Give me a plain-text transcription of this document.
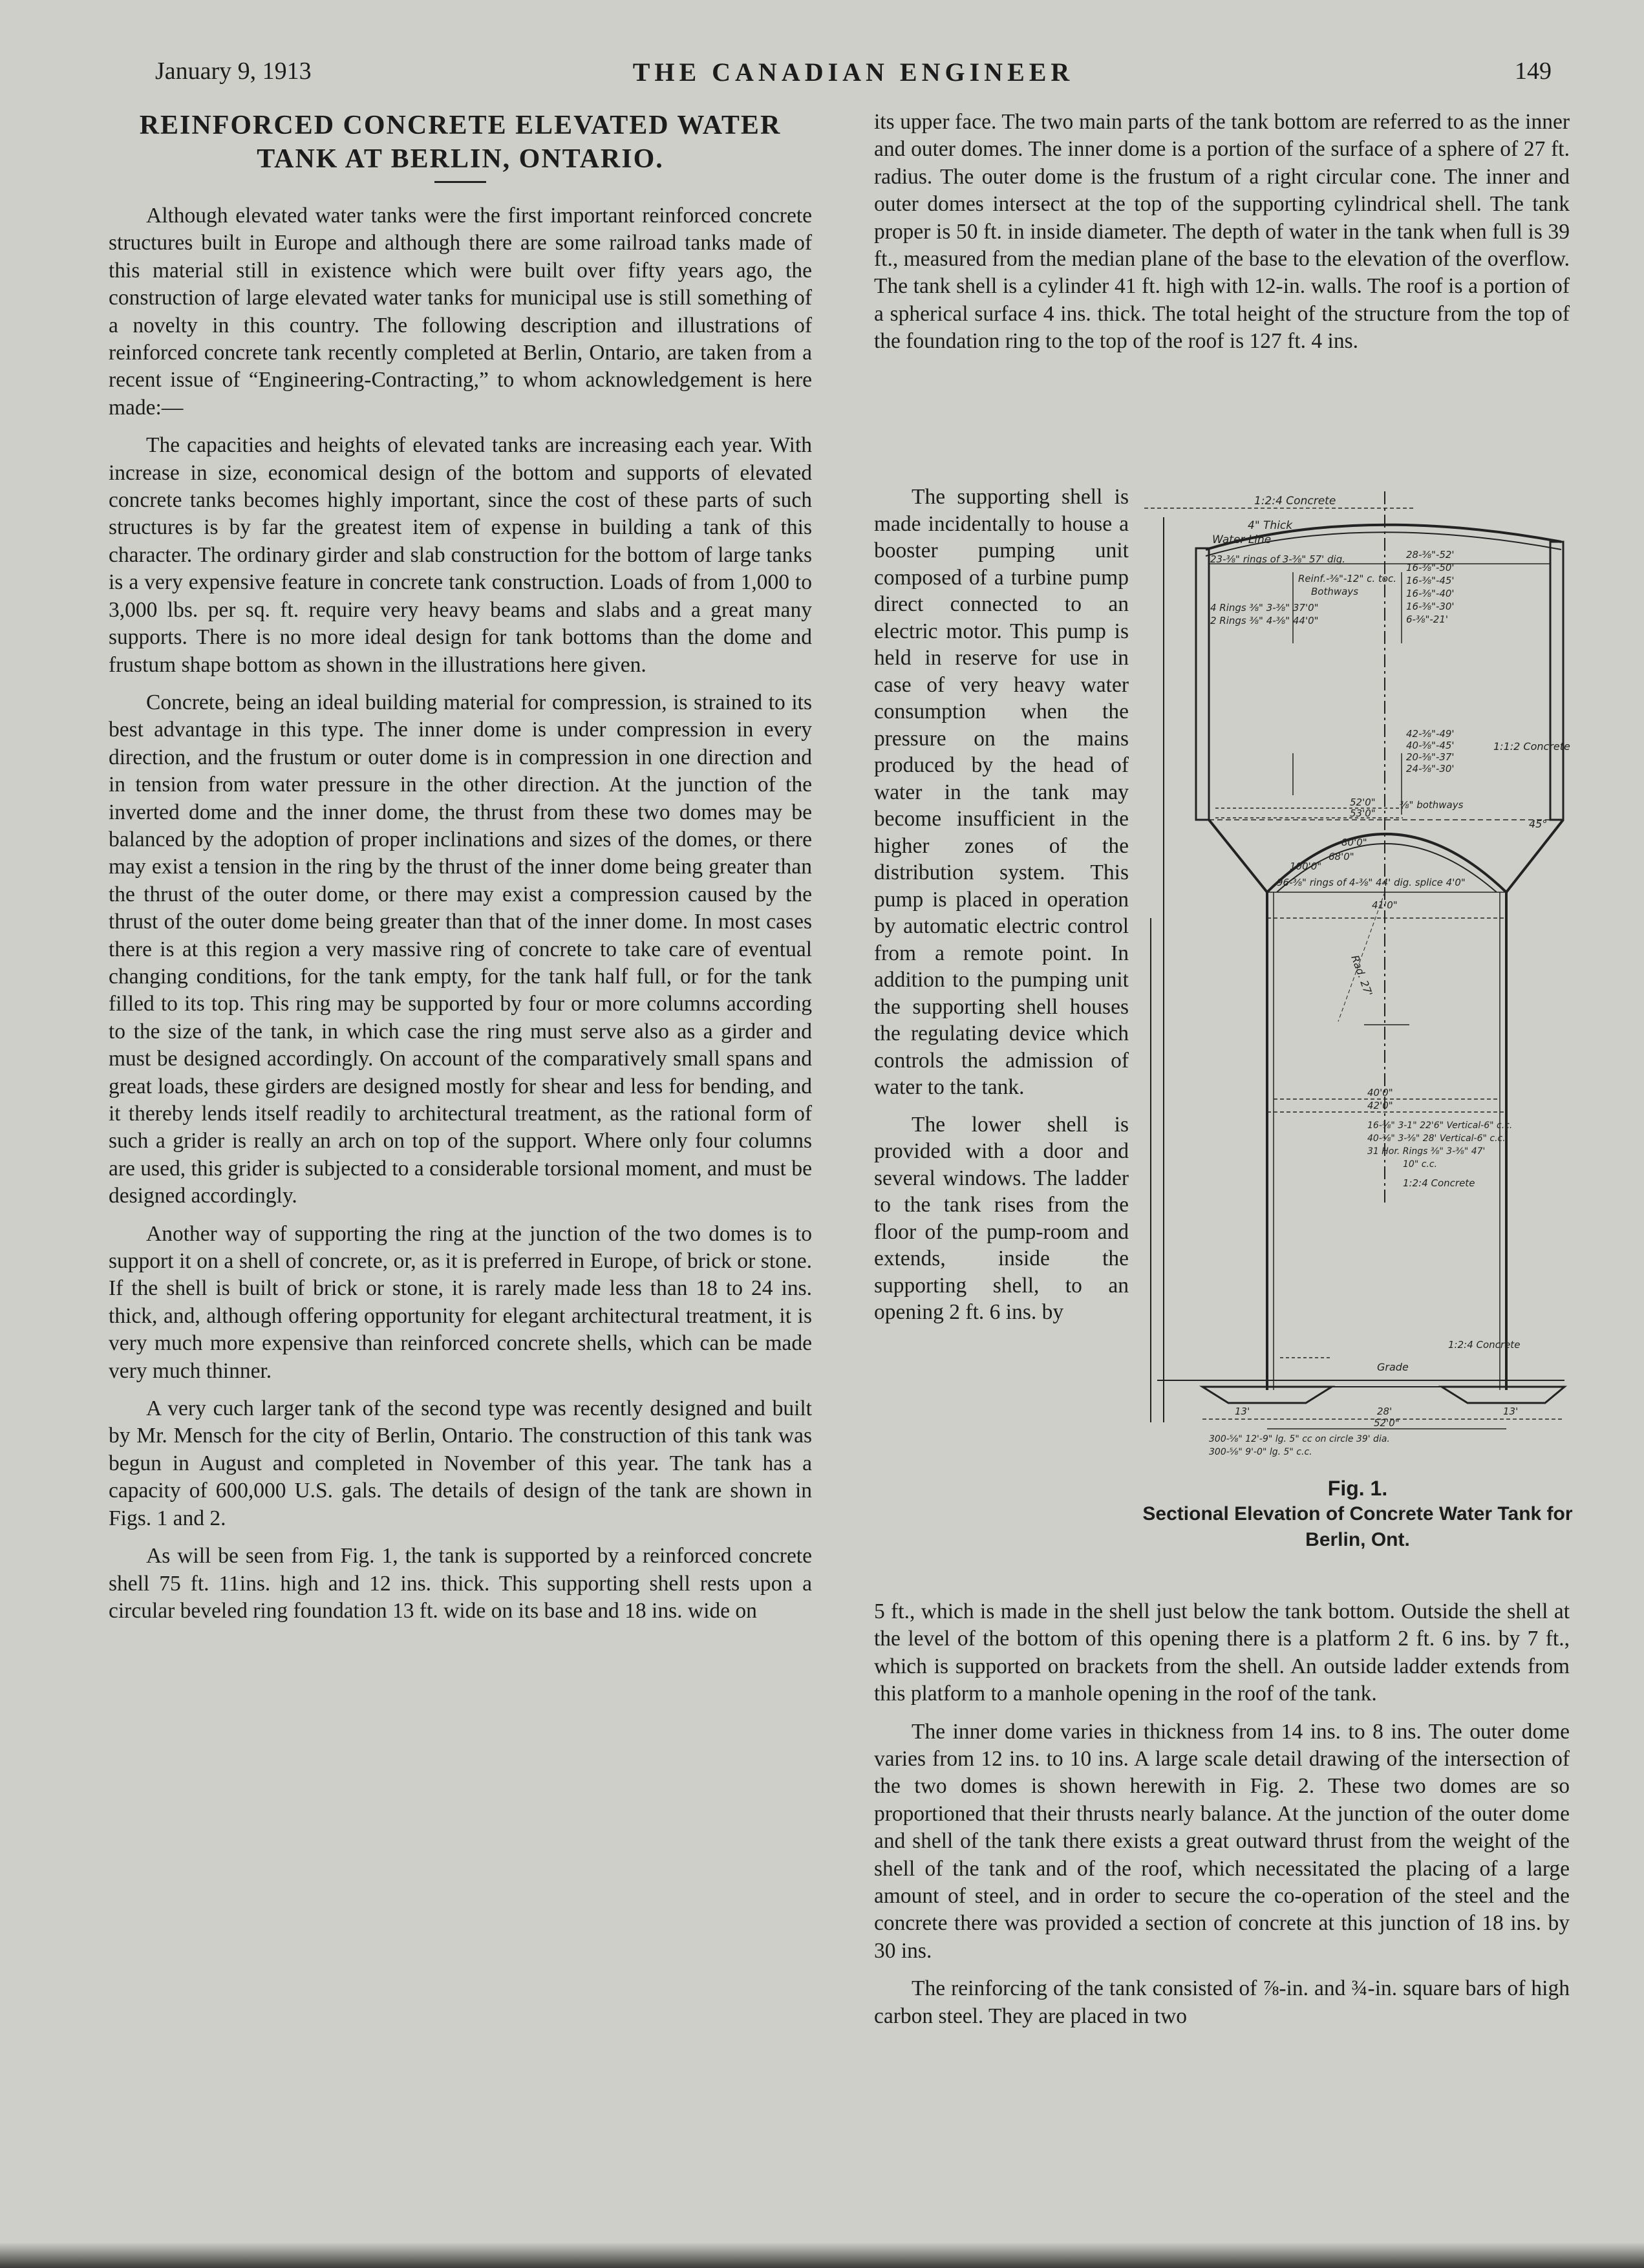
January 9, 1913	THE CANADIAN ENGINEER	149
REINFORCED CONCRETE ELEVATED WATER TANK AT BERLIN, ONTARIO.

Although elevated water tanks were the first important reinforced concrete structures built in Europe and although there are some railroad tanks made of this material still in existence which were built over fifty years ago, the construction of large elevated water tanks for municipal use is still something of a novelty in this country. The following description and illustrations of reinforced concrete tank recently completed at Berlin, Ontario, are taken from a recent issue of “Engineering-Contracting,” to whom acknowledgement is here made:—

The capacities and heights of elevated tanks are increasing each year. With increase in size, economical design of the bottom and supports of elevated concrete tanks becomes highly important, since the cost of these parts of such structures is by far the greatest item of expense in building a tank of this character. The ordinary girder and slab construction for the bottom of large tanks is a very expensive feature in concrete tank construction. Loads of from 1,000 to 3,000 lbs. per sq. ft. require very heavy beams and slabs and a great many supports. There is no more ideal design for tank bottoms than the dome and frustum shape bottom as shown in the illustrations here given.

Concrete, being an ideal building material for compression, is strained to its best advantage in this type. The inner dome is under compression in every direction, and the frustum or outer dome is in compression in one direction and in tension from water pressure in the other direction. At the junction of the inverted dome and the inner dome, the thrust from these two domes may be balanced by the adoption of proper inclinations and sizes of the domes, or there may exist a tension in the ring by the thrust of the inner dome being greater than the thrust of the outer dome, or there may exist a compression caused by the thrust of the outer dome being greater than that of the inner dome. In most cases there is at this region a very massive ring of concrete to take care of eventual changing conditions, for the tank empty, for the tank half full, or for the tank filled to its top. This ring may be supported by four or more columns according to the size of the tank, in which case the ring must serve also as a girder and must be designed accordingly. On account of the comparatively small spans and great loads, these girders are designed mostly for shear and less for bending, and it thereby lends itself readily to architectural treatment, as the rational form of such a grider is really an arch on top of the support. Where only four columns are used, this grider is subjected to a considerable torsional moment, and must be designed accordingly.

Another way of supporting the ring at the junction of the two domes is to support it on a shell of concrete, or, as it is preferred in Europe, of brick or stone. If the shell is built of brick or stone, it is rarely made less than 18 to 24 ins. thick, and, although offering opportunity for elegant architectural treatment, it is very much more expensive than reinforced concrete shells, which can be made very much thinner.

A very cuch larger tank of the second type was recently designed and built by Mr. Mensch for the city of Berlin, Ontario. The construction of this tank was begun in August and completed in November of this year. The tank has a capacity of 600,000 U.S. gals. The details of design of the tank are shown in Figs. 1 and 2.

As will be seen from Fig. 1, the tank is supported by a reinforced concrete shell 75 ft. 11ins. high and 12 ins. thick. This supporting shell rests upon a circular beveled ring foundation 13 ft. wide on its base and 18 ins. wide on

its upper face. The two main parts of the tank bottom are referred to as the inner and outer domes. The inner dome is a portion of the surface of a sphere of 27 ft. radius. The outer dome is the frustum of a right circular cone. The inner and outer domes intersect at the top of the supporting cylindrical shell. The tank proper is 50 ft. in inside diameter. The depth of water in the tank when full is 39 ft., measured from the median plane of the base to the elevation of the overflow. The tank shell is a cylinder 41 ft. high with 12-in. walls. The roof is a portion of a spherical surface 4 ins. thick. The total height of the structure from the top of the foundation ring to the top of the roof is 127 ft. 4 ins.

The supporting shell is made incidentally to house a booster pumping unit composed of a turbine pump direct connected to an electric motor. This pump is held in reserve for use in case of very heavy water consumption when the pressure on the mains produced by the head of water in the tank may become insufficient in the higher zones of the distribution system. This pump is placed in operation by automatic electric control from a remote point. In addition to the pumping unit the supporting shell houses the regulating device which controls the admission of water to the tank.

The lower shell is provided with a door and several windows. The ladder to the tank rises from the floor of the pump-room and extends, inside the supporting shell, to an opening 2 ft. 6 ins. by

1:2:4 Concrete
4" Thick
Water Line
23-⅜" rings of 3-⅜" 57' dig.
Reinf.-⅜"-12" c. toc.
Bothways
4 Rings ⅜" 3-⅜" 37'0"
2 Rings ⅜" 4-⅜" 44'0"
28-⅜"-52'
16-⅜"-50'
16-⅜"-45'
16-⅜"-40'
16-⅜"-30'
6-⅜"-21'
42-⅜"-49'
40-⅜"-45'
20-⅜"-37'
24-⅜"-30'
1:1:2 Concrete
52'0"
53'0"
⅜" bothways
45°
100'0"
68'0"
80'0"
96-⅜" rings of 4-⅜" 44' dig. splice 4'0"
41'0"
Rad. 27'
40'0"
42'0"
16-⅜" 3-1" 22'6" Vertical-6" c.c.
40-⅜" 3-⅜" 28' Vertical-6" c.c.
31 Hor. Rings ⅜" 3-⅜" 47'
10" c.c.
1:2:4 Concrete
1:2:4 Concrete
Grade
28'
52'0"
13'	13'
300-⅝" 12'-9" lg. 5" cc on circle 39' dia.
300-⅝" 9'-0" lg. 5" c.c.
Fig. 1.
Sectional Elevation of Concrete Water Tank for Berlin, Ont.

5 ft., which is made in the shell just below the tank bottom. Outside the shell at the level of the bottom of this opening there is a platform 2 ft. 6 ins. by 7 ft., which is supported on brackets from the shell. An outside ladder extends from this platform to a manhole opening in the roof of the tank.

The inner dome varies in thickness from 14 ins. to 8 ins. The outer dome varies from 12 ins. to 10 ins. A large scale detail drawing of the intersection of the two domes is shown herewith in Fig. 2. These two domes are so proportioned that their thrusts nearly balance. At the junction of the outer dome and shell of the tank there exists a great outward thrust from the weight of the shell of the tank and of the roof, which necessitated the placing of a large amount of steel, and in order to secure the co-operation of the steel and the concrete there was provided a section of concrete at this junction of 18 ins. by 30 ins.

The reinforcing of the tank consisted of ⅞-in. and ¾-in. square bars of high carbon steel. They are placed in two
